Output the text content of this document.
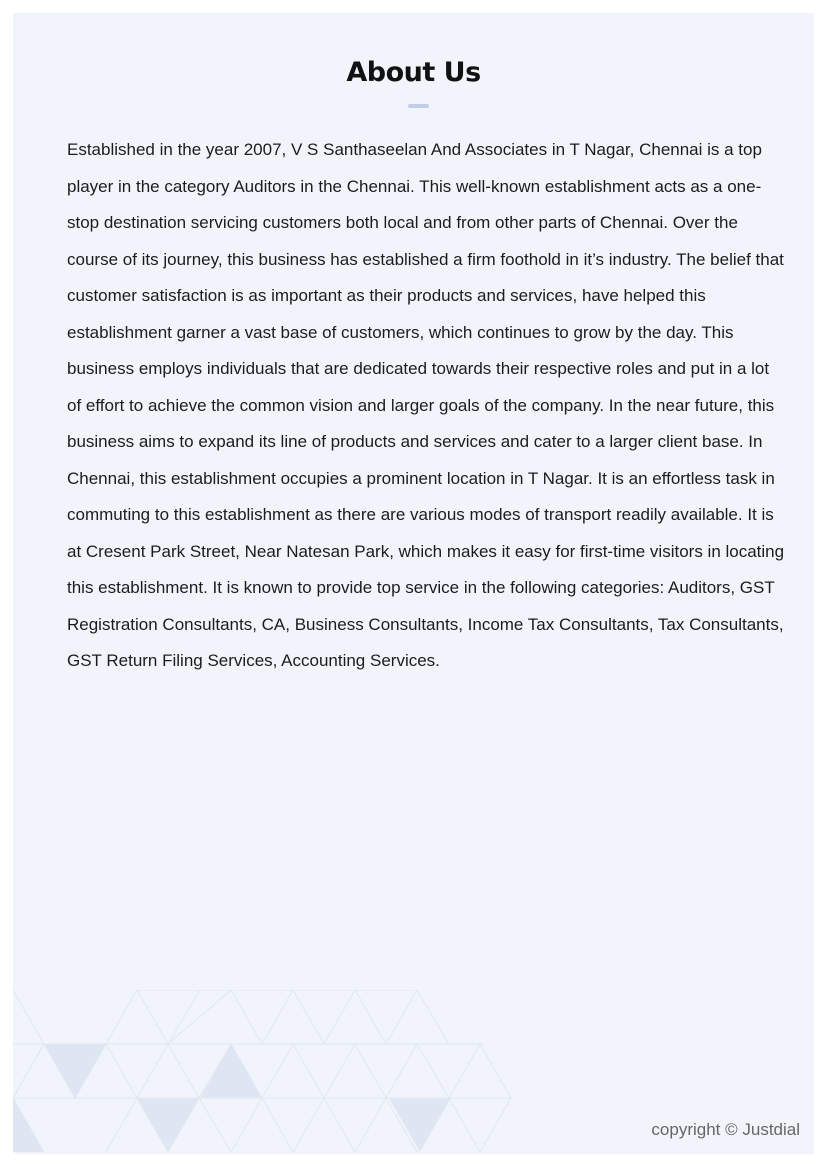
About Us

Established in the year 2007, V S Santhaseelan And Associates in T Nagar, Chennai is a top player in the category Auditors in the Chennai. This well-known establishment acts as a one-stop destination servicing customers both local and from other parts of Chennai. Over the course of its journey, this business has established a firm foothold in it’s industry. The belief that customer satisfaction is as important as their products and services, have helped this establishment garner a vast base of customers, which continues to grow by the day. This business employs individuals that are dedicated towards their respective roles and put in a lot of effort to achieve the common vision and larger goals of the company. In the near future, this business aims to expand its line of products and services and cater to a larger client base. In Chennai, this establishment occupies a prominent location in T Nagar. It is an effortless task in commuting to this establishment as there are various modes of transport readily available. It is at Cresent Park Street, Near Natesan Park, which makes it easy for first-time visitors in locating this establishment. It is known to provide top service in the following categories: Auditors, GST Registration Consultants, CA, Business Consultants, Income Tax Consultants, Tax Consultants, GST Return Filing Services, Accounting Services.

copyright © Justdial
